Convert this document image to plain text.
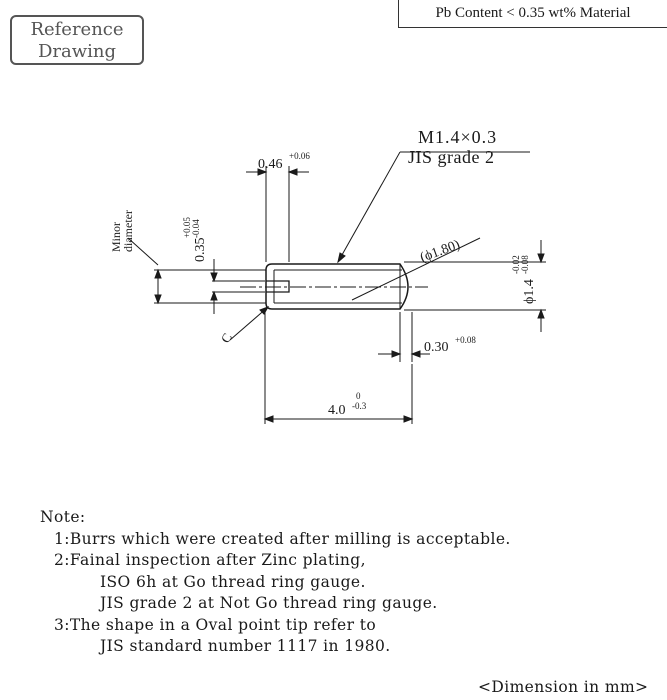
Reference
Drawing
Pb Content < 0.35 wt% Material
M1.4×0.3
JIS grade 2
0.46
+0.06
0.35
+0.05 -0.04
Minor
diameter	(ϕ1.80)
ϕ1.4
-0.02 -0.08
C
0.30 +0.08
4.0
0
-0.3
Note:
1:Burrs which were created after milling is acceptable.
2:Fainal inspection after Zinc plating,
ISO 6h at Go thread ring gauge.
JIS grade 2 at Not Go thread ring gauge.
3:The shape in a Oval point tip refer to
JIS standard number 1117 in 1980.
<Dimension in mm>
